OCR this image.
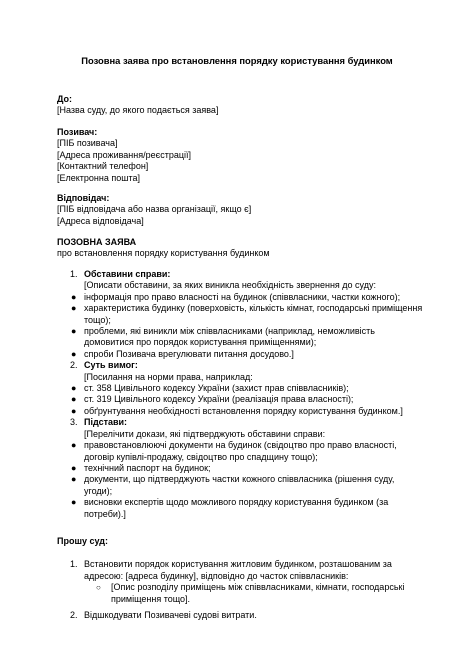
Позовна заява про встановлення порядку користування будинком
До:
[Назва суду, до якого подається заява]
Позивач:
[ПІБ позивача]
[Адреса проживання/реєстрації]
[Контактний телефон]
[Електронна пошта]
Відповідач:
[ПІБ відповідача або назва організації, якщо є]
[Адреса відповідача]
ПОЗОВНА ЗАЯВА
про встановлення порядку користування будинком
1. Обставини справи:
[Описати обставини, за яких виникла необхідність звернення до суду:
● інформація про право власності на будинок (співвласники, частки кожного);
● характеристика будинку (поверховість, кількість кімнат, господарські приміщення
тощо);
● проблеми, які виникли між співвласниками (наприклад, неможливість
домовитися про порядок користування приміщеннями);
● спроби Позивача врегулювати питання досудово.]
2. Суть вимог:
[Посилання на норми права, наприклад:
● ст. 358 Цивільного кодексу України (захист прав співвласників);
● ст. 319 Цивільного кодексу України (реалізація права власності);
● обґрунтування необхідності встановлення порядку користування будинком.]
3. Підстави:
[Перелічити докази, які підтверджують обставини справи:
● правовстановлюючі документи на будинок (свідоцтво про право власності,
договір купівлі-продажу, свідоцтво про спадщину тощо);
● технічний паспорт на будинок;
● документи, що підтверджують частки кожного співвласника (рішення суду,
угоди);
● висновки експертів щодо можливого порядку користування будинком (за
потреби).]
Прошу суд:
1. Встановити порядок користування житловим будинком, розташованим за
адресою: [адреса будинку], відповідно до часток співвласників:
○ [Опис розподілу приміщень між співвласниками, кімнати, господарські
приміщення тощо].
2. Відшкодувати Позивачеві судові витрати.
